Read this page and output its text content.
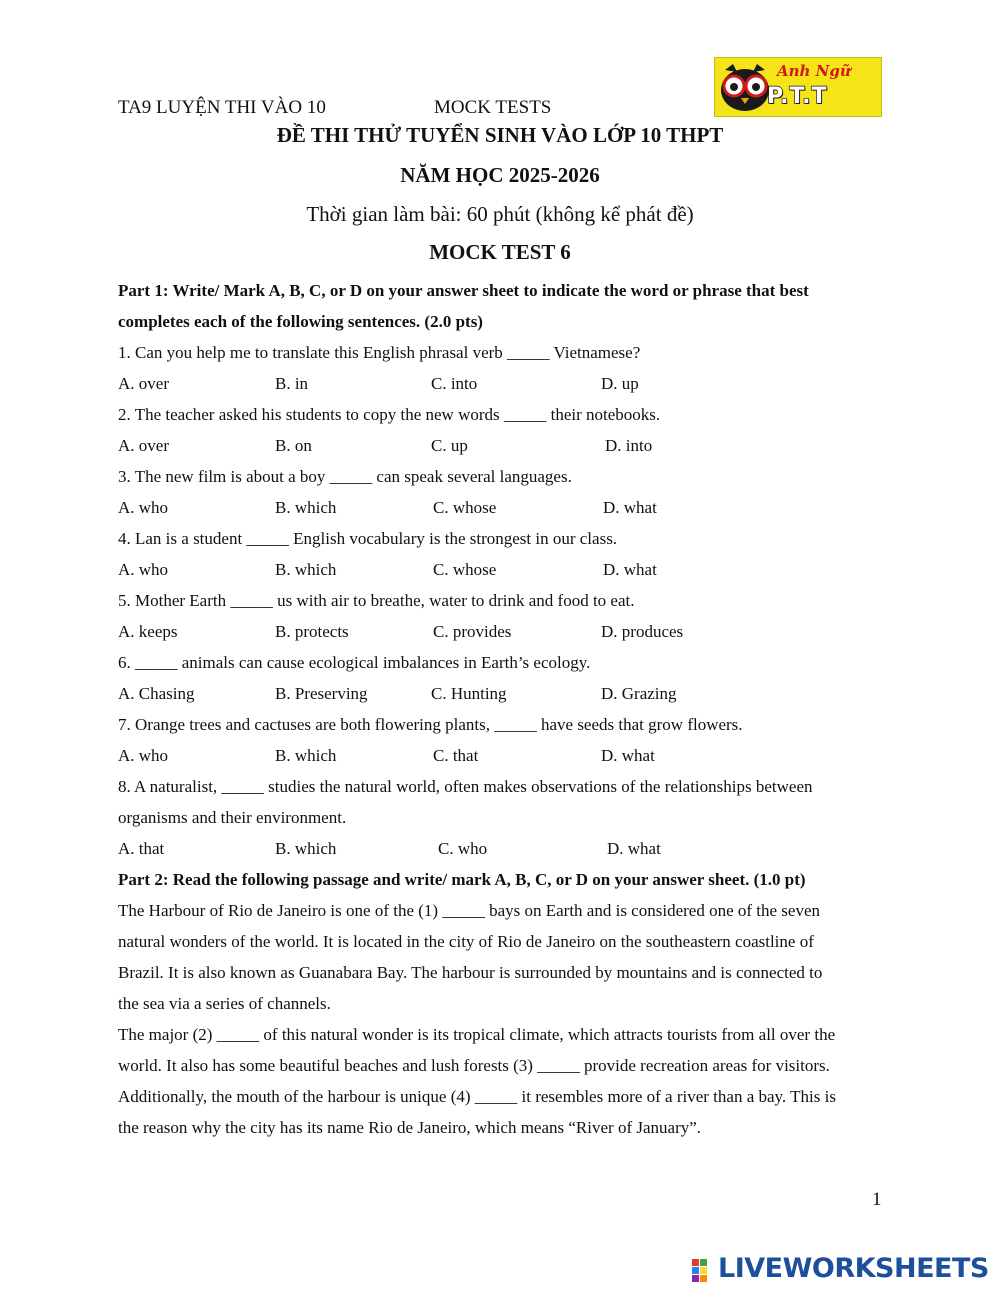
TA9 LUYỆN THI VÀO 10	MOCK TESTS
Anh Ngữ
P.T.T
ĐỀ THI THỬ TUYỂN SINH VÀO LỚP 10 THPT
NĂM HỌC 2025-2026
Thời gian làm bài: 60 phút (không kể phát đề)
MOCK TEST 6
Part 1: Write/ Mark A, B, C, or D on your answer sheet to indicate the word or phrase that best
completes each of the following sentences. (2.0 pts)
1. Can you help me to translate this English phrasal verb _____ Vietnamese?
A. over	B. in	C. into	D. up
2. The teacher asked his students to copy the new words _____ their notebooks.
A. over	B. on	C. up	D. into
3. The new film is about a boy _____ can speak several languages.
A. who	B. which	C. whose	D. what
4. Lan is a student _____ English vocabulary is the strongest in our class.
A. who	B. which	C. whose	D. what
5. Mother Earth _____ us with air to breathe, water to drink and food to eat.
A. keeps	B. protects	C. provides	D. produces
6. _____ animals can cause ecological imbalances in Earth’s ecology.
A. Chasing	B. Preserving	C. Hunting	D. Grazing
7. Orange trees and cactuses are both flowering plants, _____ have seeds that grow flowers.
A. who	B. which	C. that	D. what
8. A naturalist, _____ studies the natural world, often makes observations of the relationships between
organisms and their environment.
A. that	B. which	C. who	D. what
Part 2: Read the following passage and write/ mark A, B, C, or D on your answer sheet. (1.0 pt)
The Harbour of Rio de Janeiro is one of the (1) _____ bays on Earth and is considered one of the seven
natural wonders of the world. It is located in the city of Rio de Janeiro on the southeastern coastline of
Brazil. It is also known as Guanabara Bay. The harbour is surrounded by mountains and is connected to
the sea via a series of channels.
The major (2) _____ of this natural wonder is its tropical climate, which attracts tourists from all over the
world. It also has some beautiful beaches and lush forests (3) _____ provide recreation areas for visitors.
Additionally, the mouth of the harbour is unique (4) _____ it resembles more of a river than a bay. This is
the reason why the city has its name Rio de Janeiro, which means “River of January”.
1
LIVEWORKSHEETS
